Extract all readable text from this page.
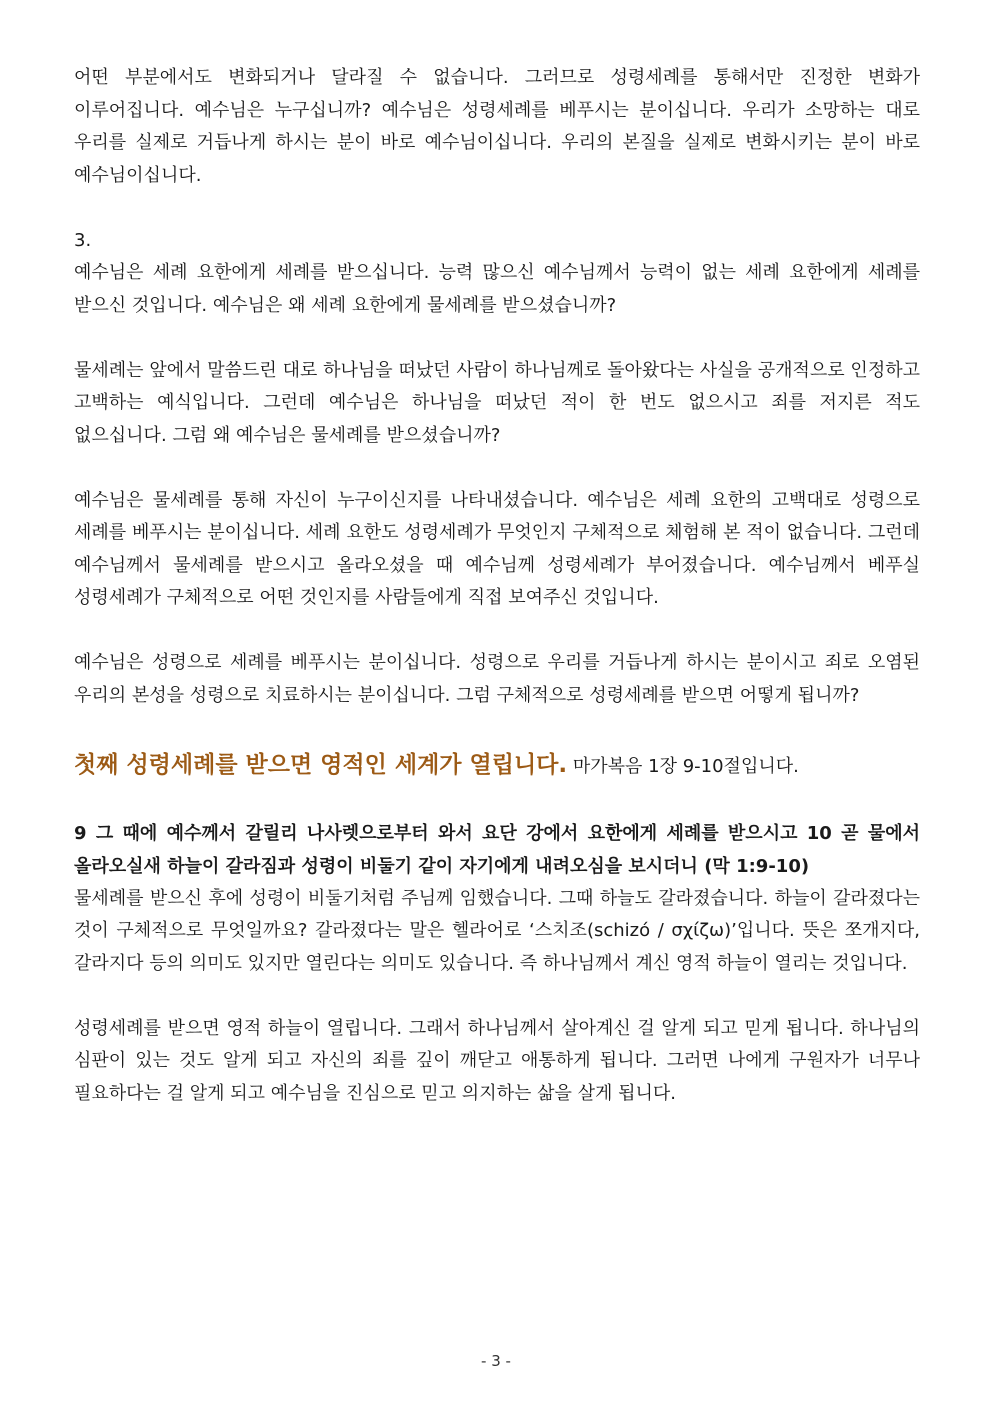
어떤 부분에서도 변화되거나 달라질 수 없습니다. 그러므로 성령세례를 통해서만 진정한 변화가 이루어집니다. 예수님은 누구십니까? 예수님은 성령세례를 베푸시는 분이십니다. 우리가 소망하는 대로 우리를 실제로 거듭나게 하시는 분이 바로 예수님이십니다. 우리의 본질을 실제로 변화시키는 분이 바로 예수님이십니다.

3.

예수님은 세례 요한에게 세례를 받으십니다. 능력 많으신 예수님께서 능력이 없는 세례 요한에게 세례를 받으신 것입니다. 예수님은 왜 세례 요한에게 물세례를 받으셨습니까?

물세례는 앞에서 말씀드린 대로 하나님을 떠났던 사람이 하나님께로 돌아왔다는 사실을 공개적으로 인정하고 고백하는 예식입니다. 그런데 예수님은 하나님을 떠났던 적이 한 번도 없으시고 죄를 저지른 적도 없으십니다. 그럼 왜 예수님은 물세례를 받으셨습니까?

예수님은 물세례를 통해 자신이 누구이신지를 나타내셨습니다. 예수님은 세례 요한의 고백대로 성령으로 세례를 베푸시는 분이십니다. 세례 요한도 성령세례가 무엇인지 구체적으로 체험해 본 적이 없습니다. 그런데 예수님께서 물세례를 받으시고 올라오셨을 때 예수님께 성령세례가 부어졌습니다. 예수님께서 베푸실 성령세례가 구체적으로 어떤 것인지를 사람들에게 직접 보여주신 것입니다.

예수님은 성령으로 세례를 베푸시는 분이십니다. 성령으로 우리를 거듭나게 하시는 분이시고 죄로 오염된 우리의 본성을 성령으로 치료하시는 분이십니다. 그럼 구체적으로 성령세례를 받으면 어떻게 됩니까?

첫째 성령세례를 받으면 영적인 세계가 열립니다. 마가복음 1장 9-10절입니다.

9 그 때에 예수께서 갈릴리 나사렛으로부터 와서 요단 강에서 요한에게 세례를 받으시고 10 곧 물에서 올라오실새 하늘이 갈라짐과 성령이 비둘기 같이 자기에게 내려오심을 보시더니 (막 1:9-10)

물세례를 받으신 후에 성령이 비둘기처럼 주님께 임했습니다. 그때 하늘도 갈라졌습니다. 하늘이 갈라졌다는 것이 구체적으로 무엇일까요? 갈라졌다는 말은 헬라어로 ‘스치조(schizó / σχίζω)’입니다. 뜻은 쪼개지다, 갈라지다 등의 의미도 있지만 열린다는 의미도 있습니다. 즉 하나님께서 계신 영적 하늘이 열리는 것입니다.

성령세례를 받으면 영적 하늘이 열립니다. 그래서 하나님께서 살아계신 걸 알게 되고 믿게 됩니다. 하나님의 심판이 있는 것도 알게 되고 자신의 죄를 깊이 깨닫고 애통하게 됩니다. 그러면 나에게 구원자가 너무나 필요하다는 걸 알게 되고 예수님을 진심으로 믿고 의지하는 삶을 살게 됩니다.

- 3 -
